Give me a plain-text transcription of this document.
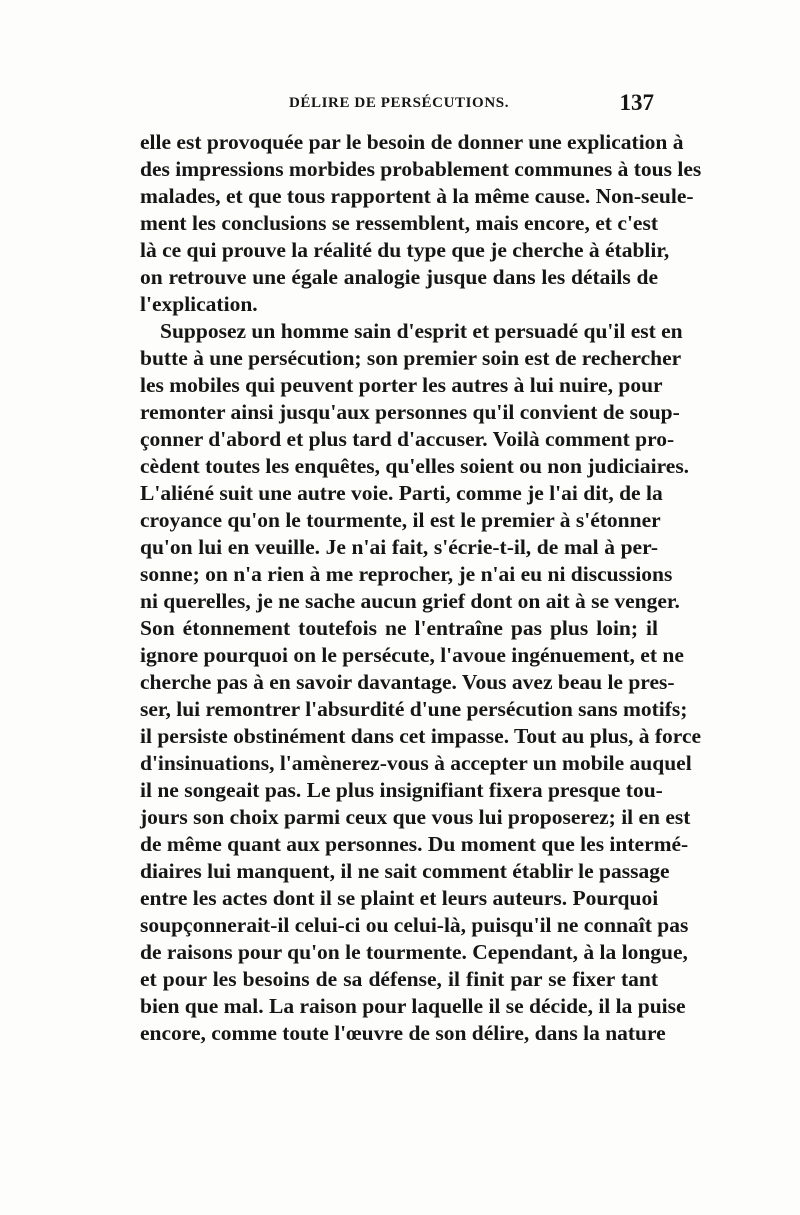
DÉLIRE DE PERSÉCUTIONS.	137
elle est provoquée par le besoin de donner une explication à
des impressions morbides probablement communes à tous les
malades, et que tous rapportent à la même cause. Non-seule-
ment les conclusions se ressemblent, mais encore, et c'est
là ce qui prouve la réalité du type que je cherche à établir,
on retrouve une égale analogie jusque dans les détails de
l'explication.
Supposez un homme sain d'esprit et persuadé qu'il est en
butte à une persécution; son premier soin est de rechercher
les mobiles qui peuvent porter les autres à lui nuire, pour
remonter ainsi jusqu'aux personnes qu'il convient de soup-
çonner d'abord et plus tard d'accuser. Voilà comment pro-
cèdent toutes les enquêtes, qu'elles soient ou non judiciaires.
L'aliéné suit une autre voie. Parti, comme je l'ai dit, de la
croyance qu'on le tourmente, il est le premier à s'étonner
qu'on lui en veuille. Je n'ai fait, s'écrie-t-il, de mal à per-
sonne; on n'a rien à me reprocher, je n'ai eu ni discussions
ni querelles, je ne sache aucun grief dont on ait à se venger.
Son étonnement toutefois ne l'entraîne pas plus loin; il
ignore pourquoi on le persécute, l'avoue ingénuement, et ne
cherche pas à en savoir davantage. Vous avez beau le pres-
ser, lui remontrer l'absurdité d'une persécution sans motifs;
il persiste obstinément dans cet impasse. Tout au plus, à force
d'insinuations, l'amènerez-vous à accepter un mobile auquel
il ne songeait pas. Le plus insignifiant fixera presque tou-
jours son choix parmi ceux que vous lui proposerez; il en est
de même quant aux personnes. Du moment que les intermé-
diaires lui manquent, il ne sait comment établir le passage
entre les actes dont il se plaint et leurs auteurs. Pourquoi
soupçonnerait-il celui-ci ou celui-là, puisqu'il ne connaît pas
de raisons pour qu'on le tourmente. Cependant, à la longue,
et pour les besoins de sa défense, il finit par se fixer tant
bien que mal. La raison pour laquelle il se décide, il la puise
encore, comme toute l'œuvre de son délire, dans la nature
